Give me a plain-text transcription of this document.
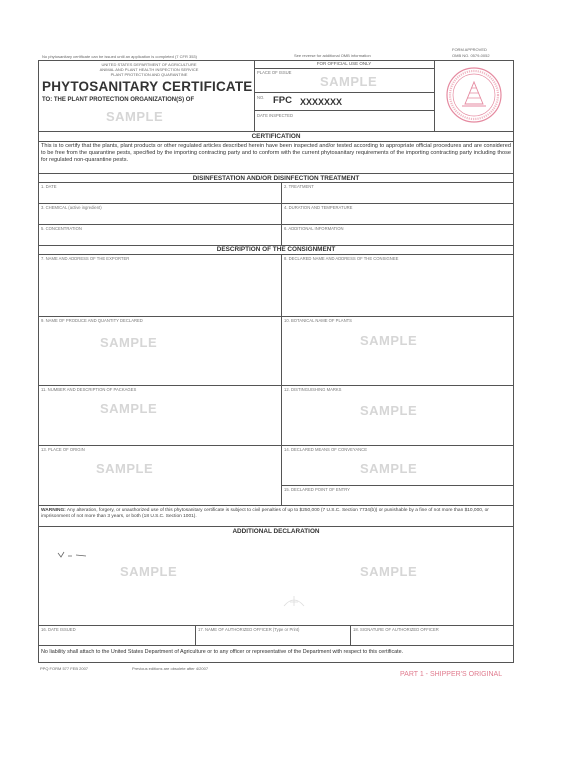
No phytosanitary certificate can be issued until an application is completed (7 CFR 353)	See reverse for additional OMB information
FORM APPROVED
OMB NO. 0579-0052
UNITED STATES DEPARTMENT OF AGRICULTURE
ANIMAL AND PLANT HEALTH INSPECTION SERVICE
PLANT PROTECTION AND QUARANTINE
PHYTOSANITARY CERTIFICATE
TO: THE PLANT PROTECTION ORGANIZATION(S) OF
SAMPLE
FOR OFFICIAL USE ONLY
PLACE OF ISSUE
SAMPLE
NO. FPC XXXXXXX
DATE INSPECTED
CERTIFICATION
This is to certify that the plants, plant products or other regulated articles described herein have been inspected and/or tested according to appropriate official procedures and are considered to be free from the quarantine pests, specified by the importing contracting party and to conform with the current phytosanitary requirements of the importing contracting party including those for regulated non-quarantine pests.
DISINFESTATION AND/OR DISINFECTION TREATMENT
1. DATE	2. TREATMENT
3. CHEMICAL (active ingredient)	4. DURATION AND TEMPERATURE
5. CONCENTRATION	6. ADDITIONAL INFORMATION
DESCRIPTION OF THE CONSIGNMENT
7. NAME AND ADDRESS OF THE EXPORTER	8. DECLARED NAME AND ADDRESS OF THE CONSIGNEE
9. NAME OF PRODUCE AND QUANTITY DECLARED	10. BOTANICAL NAME OF PLANTS
SAMPLE	SAMPLE
11. NUMBER AND DESCRIPTION OF PACKAGES	12. DISTINGUISHING MARKS
SAMPLE	SAMPLE
13. PLACE OF ORIGIN	14. DECLARED MEANS OF CONVEYANCE
SAMPLE	SAMPLE
15. DECLARED POINT OF ENTRY
WARNING: Any alteration, forgery, or unauthorized use of this phytosanitary certificate is subject to civil penalties of up to $250,000 (7 U.S.C. Section 7734(b)) or punishable by a fine of not more than $10,000, or imprisonment of not more than 3 years, or both (18 U.S.C. Section 1001).
ADDITIONAL DECLARATION
SAMPLE	SAMPLE
16. DATE ISSUED	17. NAME OF AUTHORIZED OFFICER (Type or Print)	18. SIGNATURE OF AUTHORIZED OFFICER
No liability shall attach to the United States Department of Agriculture or to any officer or representative of the Department with respect to this certificate.
PPQ FORM 577 FEB 2007	Previous editions are obsolete after 4/2007
PART 1 - SHIPPER'S ORIGINAL
